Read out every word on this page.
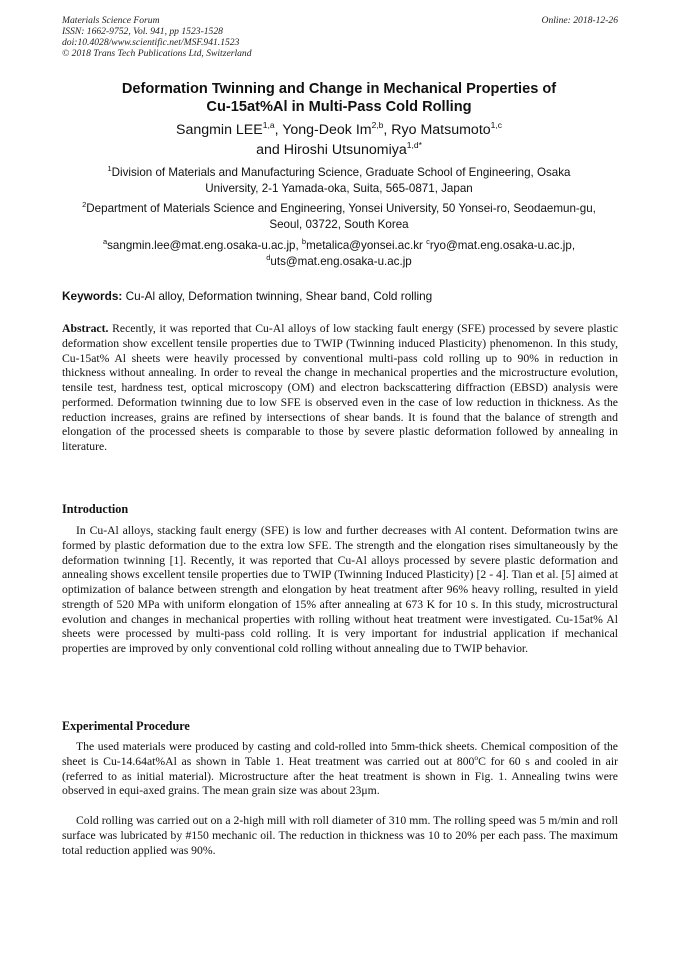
Materials Science Forum	Online: 2018-12-26
ISSN: 1662-9752, Vol. 941, pp 1523-1528
doi:10.4028/www.scientific.net/MSF.941.1523
© 2018 Trans Tech Publications Ltd, Switzerland
Deformation Twinning and Change in Mechanical Properties of
Cu-15at%Al in Multi-Pass Cold Rolling
Sangmin LEE$^{1,a}$, Yong-Deok Im$^{2,b}$, Ryo Matsumoto$^{1,c}$
and Hiroshi Utsunomiya$^{1,d*}$
$^1$Division of Materials and Manufacturing Science, Graduate School of Engineering, Osaka
University, 2-1 Yamada-oka, Suita, 565-0871, Japan
$^2$Department of Materials Science and Engineering, Yonsei University, 50 Yonsei-ro, Seodaemun-gu,
Seoul, 03722, South Korea
$^a$sangmin.lee@mat.eng.osaka-u.ac.jp, $^b$metalica@yonsei.ac.kr $^c$ryo@mat.eng.osaka-u.ac.jp,
$^d$uts@mat.eng.osaka-u.ac.jp
Keywords: Cu-Al alloy, Deformation twinning, Shear band, Cold rolling
Abstract. Recently, it was reported that Cu-Al alloys of low stacking fault energy (SFE) processed by severe plastic deformation show excellent tensile properties due to TWIP (Twinning induced Plasticity) phenomenon. In this study, Cu-15at% Al sheets were heavily processed by conventional multi-pass cold rolling up to 90% in reduction in thickness without annealing. In order to reveal the change in mechanical properties and the microstructure evolution, tensile test, hardness test, optical microscopy (OM) and electron backscattering diffraction (EBSD) analysis were performed. Deformation twinning due to low SFE is observed even in the case of low reduction in thickness. As the reduction increases, grains are refined by intersections of shear bands. It is found that the balance of strength and elongation of the processed sheets is comparable to those by severe plastic deformation followed by annealing in literature.
Introduction

In Cu-Al alloys, stacking fault energy (SFE) is low and further decreases with Al content. Deformation twins are formed by plastic deformation due to the extra low SFE. The strength and the elongation rises simultaneously by the deformation twinning [1]. Recently, it was reported that Cu-Al alloys processed by severe plastic deformation and annealing shows excellent tensile properties due to TWIP (Twinning Induced Plasticity) [2 - 4]. Tian et al. [5] aimed at optimization of balance between strength and elongation by heat treatment after 96% heavy rolling, resulted in yield strength of 520 MPa with uniform elongation of 15% after annealing at 673 K for 10 s. In this study, microstructural evolution and changes in mechanical properties with rolling without heat treatment were investigated. Cu-15at% Al sheets were processed by multi-pass cold rolling. It is very important for industrial application if mechanical properties are improved by only conventional cold rolling without annealing due to TWIP behavior.

Experimental Procedure

The used materials were produced by casting and cold-rolled into 5mm-thick sheets. Chemical composition of the sheet is Cu-14.64at%Al as shown in Table 1. Heat treatment was carried out at 800$^o$C for 60 s and cooled in air (referred to as initial material). Microstructure after the heat treatment is shown in Fig. 1. Annealing twins were observed in equi-axed grains. The mean grain size was about 23μm.

Cold rolling was carried out on a 2-high mill with roll diameter of 310 mm. The rolling speed was 5 m/min and roll surface was lubricated by #150 mechanic oil. The reduction in thickness was 10 to 20% per each pass. The maximum total reduction applied was 90%.
